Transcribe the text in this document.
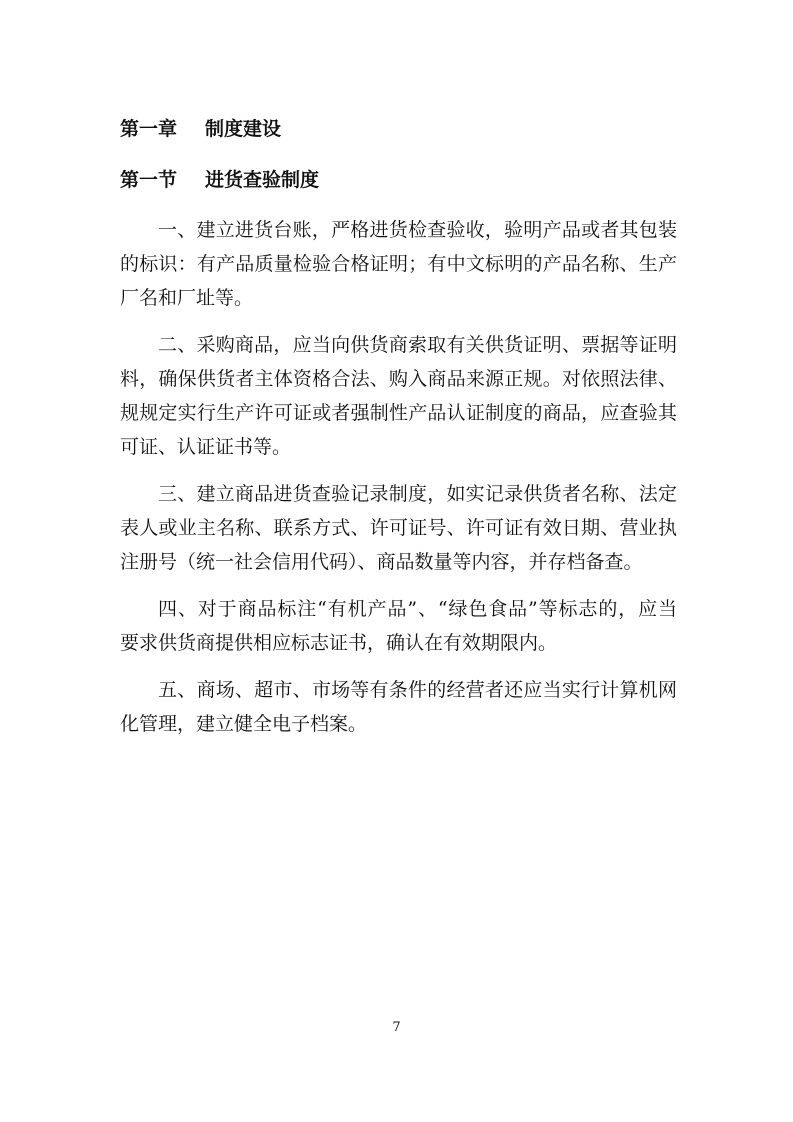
第一章 制度建设
第一节 进货查验制度
一、建立进货台账，严格进货检查验收，验明产品或者其包装
的标识：有产品质量检验合格证明；有中文标明的产品名称、生产
厂名和厂址等。
二、采购商品，应当向供货商索取有关供货证明、票据等证明
料，确保供货者主体资格合法、购入商品来源正规。对依照法律、
规规定实行生产许可证或者强制性产品认证制度的商品，应查验其
可证、认证证书等。
三、建立商品进货查验记录制度，如实记录供货者名称、法定
表人或业主名称、联系方式、许可证号、许可证有效日期、营业执
注册号（统一社会信用代码）、商品数量等内容，并存档备查。
四、对于商品标注“有机产品”、“绿色食品”等标志的，应当
要求供货商提供相应标志证书，确认在有效期限内。
五、商场、超市、市场等有条件的经营者还应当实行计算机网
化管理，建立健全电子档案。
7
